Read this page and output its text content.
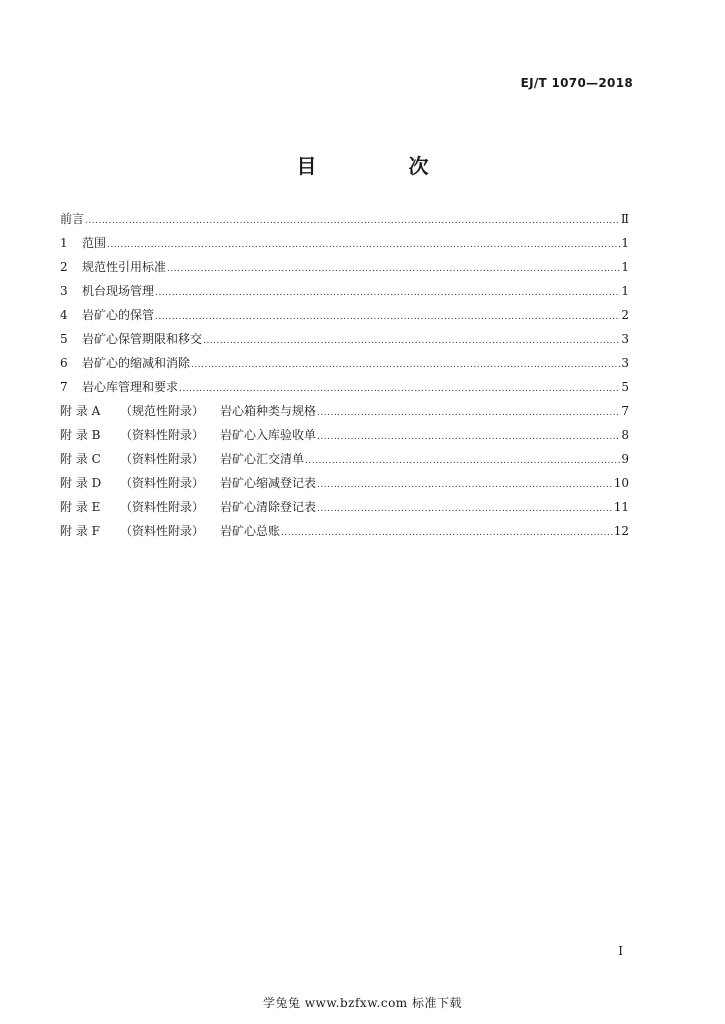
EJ/T 1070—2018
目　次
前言 .....	Ⅱ
1	范围 .....	1
2	规范性引用标准 .....	1
3	机台现场管理 .....	1
4	岩矿心的保管 .....	2
5	岩矿心保管期限和移交 .....	3
6	岩矿心的缩减和消除 .....	3
7	岩心库管理和要求 .....	5
附 录 A	（规范性附录）	岩心箱种类与规格 .....	7
附 录 B	（资料性附录）	岩矿心入库验收单 .....	8
附 录 C	（资料性附录）	岩矿心汇交清单 .....	9
附 录 D	（资料性附录）	岩矿心缩减登记表 .....	10
附 录 E	（资料性附录）	岩矿心清除登记表 .....	11
附 录 F	（资料性附录）	岩矿心总账 .....	12
I
学兔兔 www.bzfxw.com 标准下载
